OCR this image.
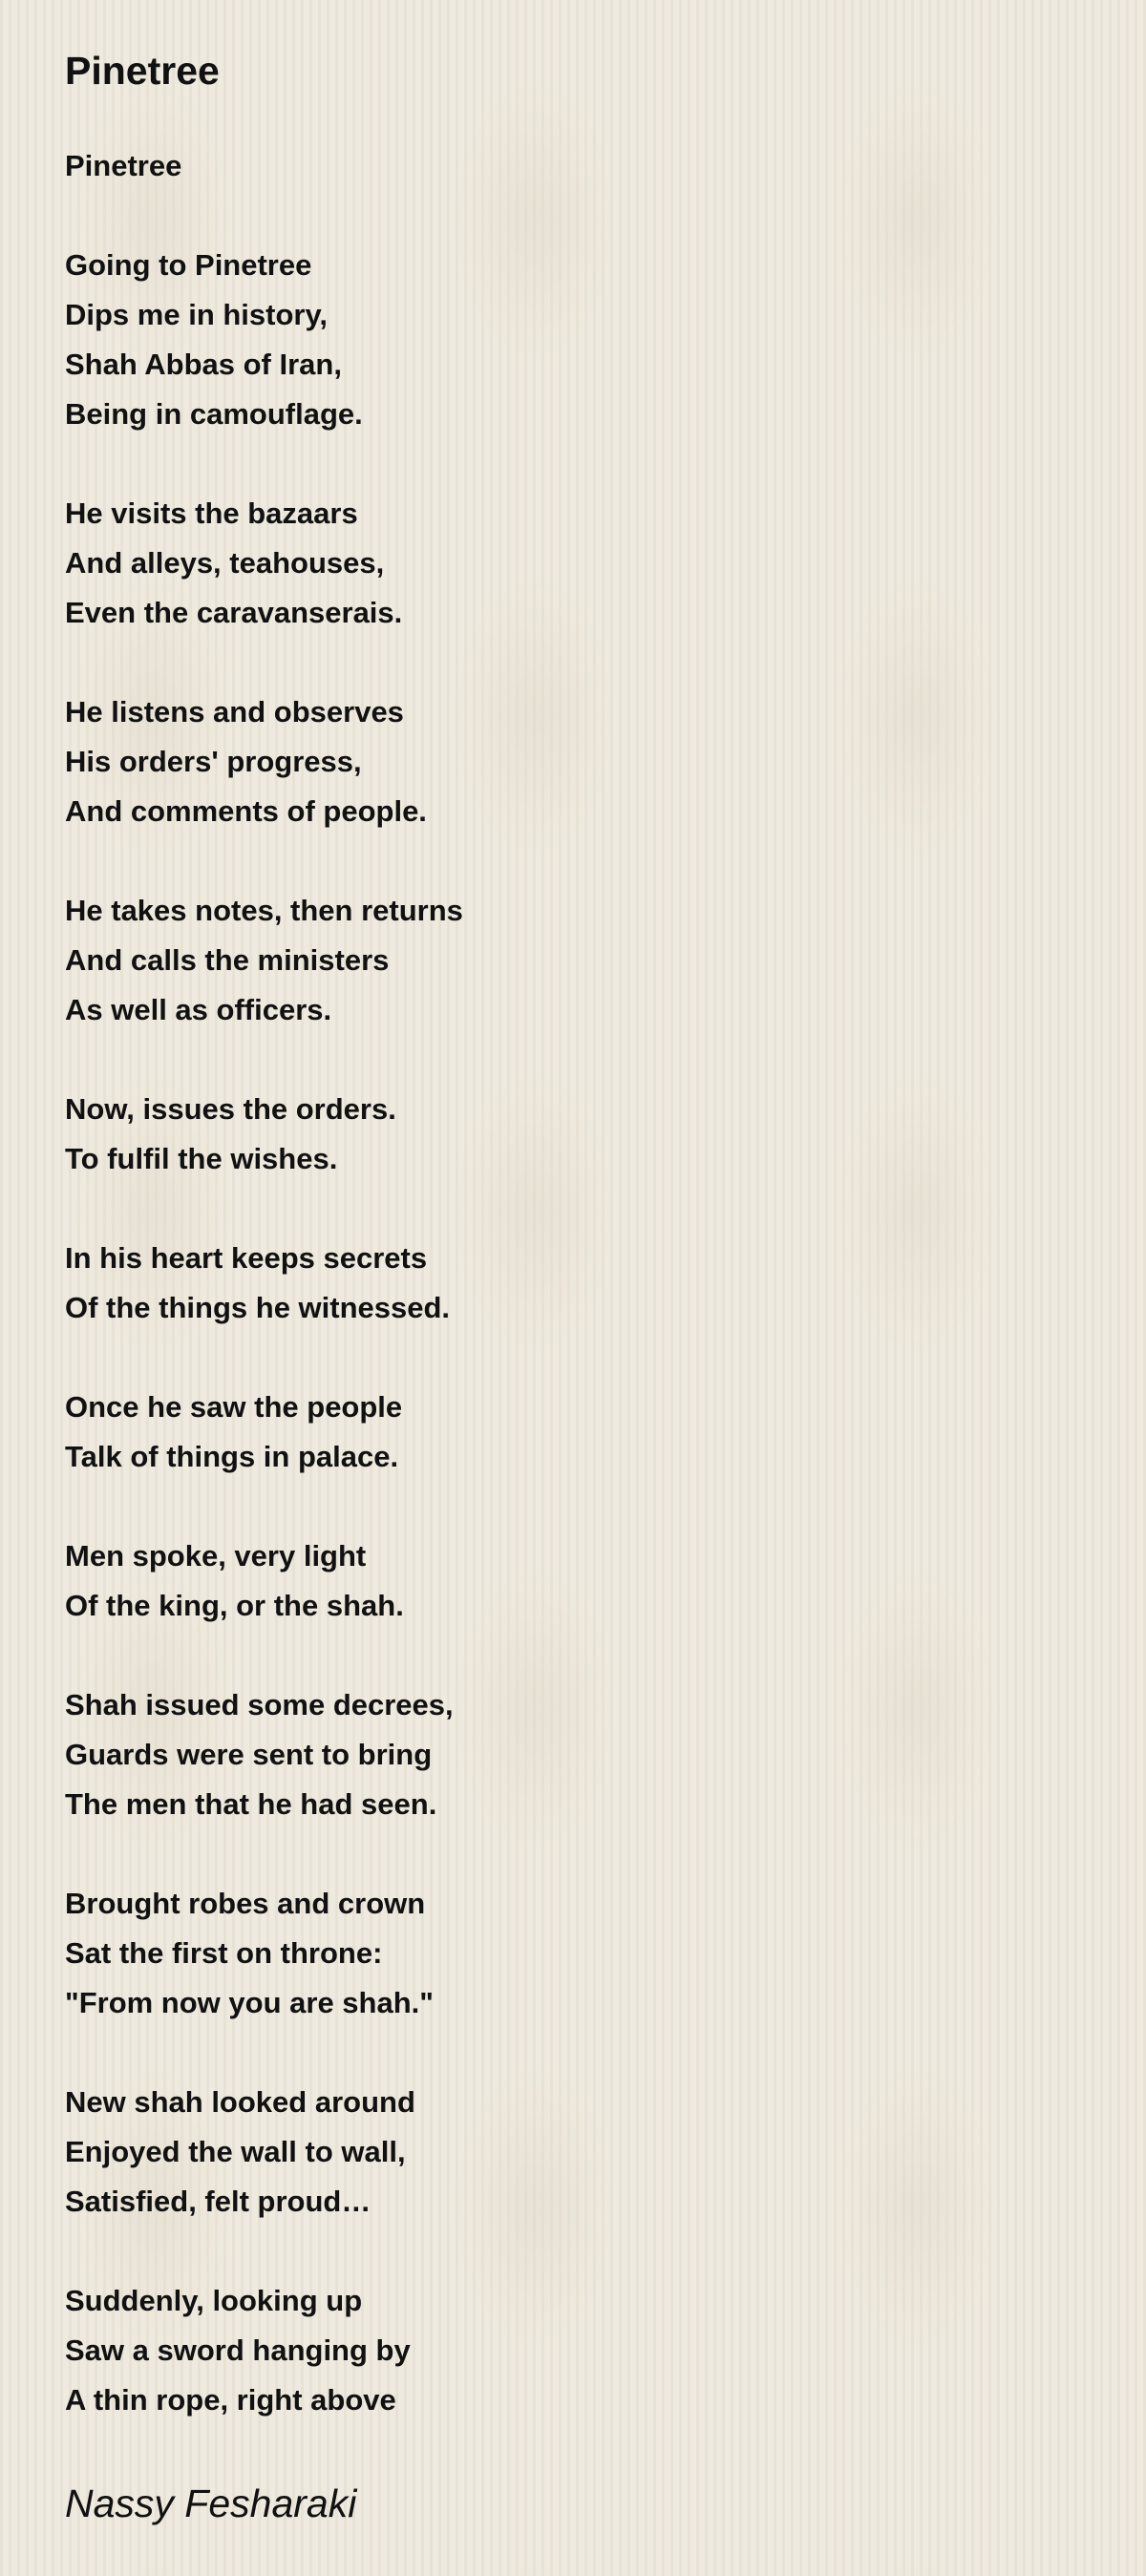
Pinetree
Pinetree
Going to Pinetree
Dips me in history,
Shah Abbas of Iran,
Being in camouflage.
He visits the bazaars
And alleys, teahouses,
Even the caravanserais.
He listens and observes
His orders' progress,
And comments of people.
He takes notes, then returns
And calls the ministers
As well as officers.
Now, issues the orders.
To fulfil the wishes.
In his heart keeps secrets
Of the things he witnessed.
Once he saw the people
Talk of things in palace.
Men spoke, very light
Of the king, or the shah.
Shah issued some decrees,
Guards were sent to bring
The men that he had seen.
Brought robes and crown
Sat the first on throne:
"From now you are shah."
New shah looked around
Enjoyed the wall to wall,
Satisfied, felt proud…
Suddenly, looking up
Saw a sword hanging by
A thin rope, right above

Nassy Fesharaki
